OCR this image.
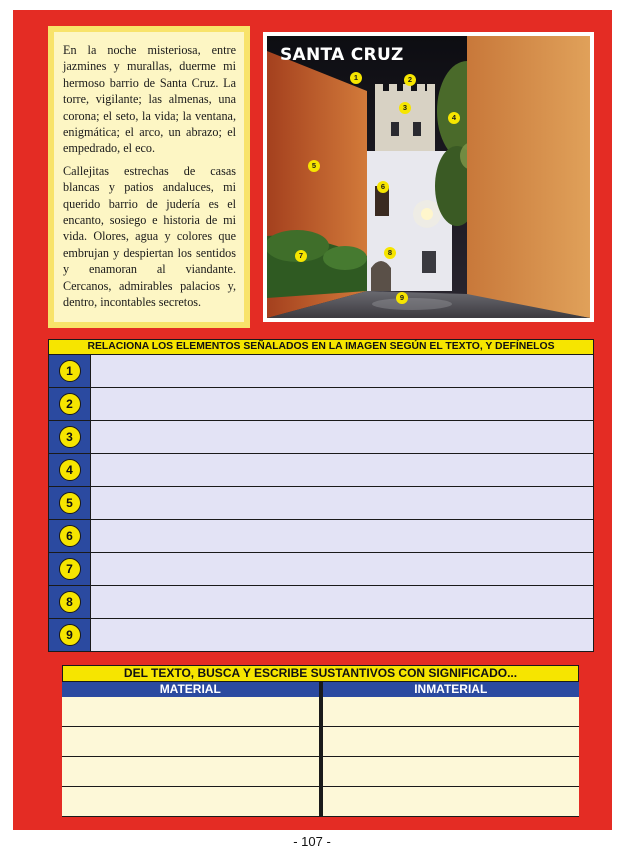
En la noche misteriosa, entre jazmines y murallas, duerme mi hermoso barrio de Santa Cruz. La torre, vigilante; las almenas, una corona; el seto, la vida; la ventana, enigmática; el arco, un abrazo; el empedrado, el eco.

Callejitas estrechas de casas blancas y patios andaluces, mi querido barrio de judería es el encanto, sosiego e historia de mi vida. Olores, agua y colores que embrujan y despiertan los sentidos y enamoran al viandante. Cercanos, admirables palacios y, dentro, incontables secretos.

SANTA CRUZ
1	2
3
4
5
6
7	8
9
RELACIONA LOS ELEMENTOS SEÑALADOS EN LA IMAGEN SEGÚN EL TEXTO, Y DEFÍNELOS
1
2
3
4
5
6
7
8
9
DEL TEXTO, BUSCA Y ESCRIBE SUSTANTIVOS CON SIGNIFICADO...
MATERIAL	INMATERIAL
- 107 -
